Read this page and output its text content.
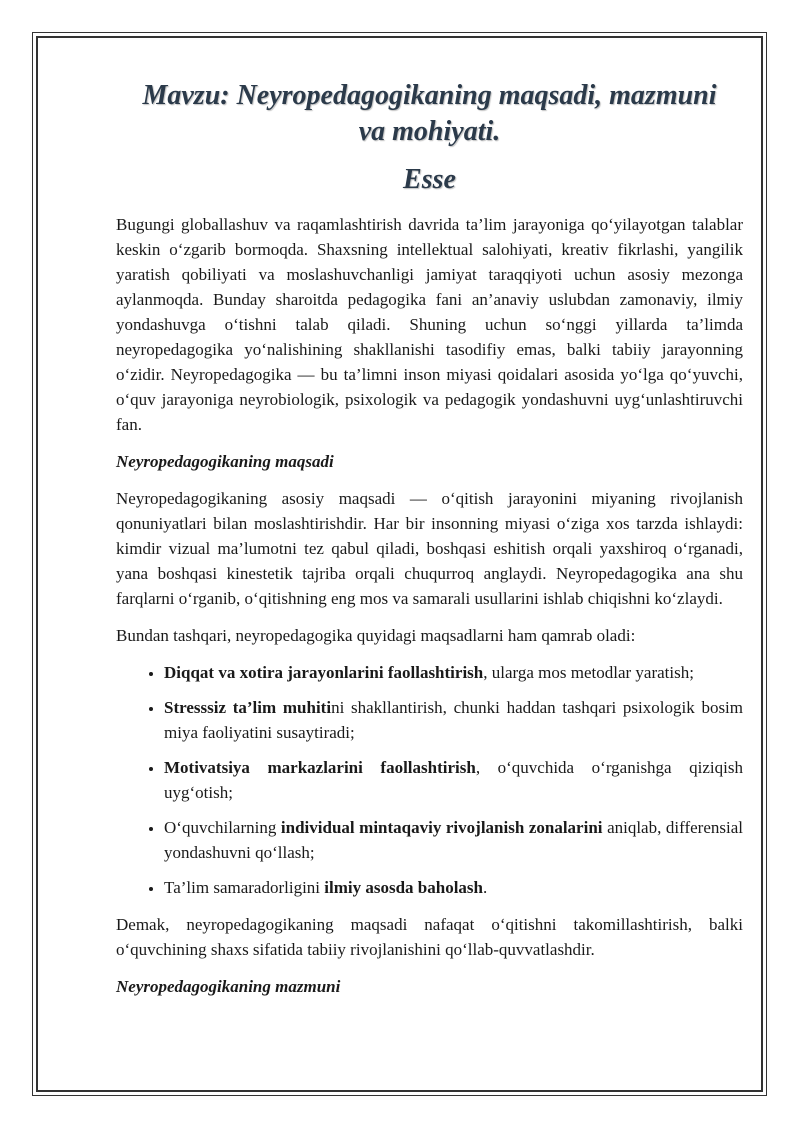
Mavzu: Neyropedagogikaning maqsadi, mazmuni
va mohiyati.
Esse

Bugungi globallashuv va raqamlashtirish davrida ta’lim jarayoniga qo‘yilayotgan talablar keskin o‘zgarib bormoqda. Shaxsning intellektual salohiyati, kreativ fikrlashi, yangilik yaratish qobiliyati va moslashuvchanligi jamiyat taraqqiyoti uchun asosiy mezonga aylanmoqda. Bunday sharoitda pedagogika fani an’anaviy uslubdan zamonaviy, ilmiy yondashuvga o‘tishni talab qiladi. Shuning uchun so‘nggi yillarda ta’limda neyropedagogika yo‘nalishining shakllanishi tasodifiy emas, balki tabiiy jarayonning o‘zidir. Neyropedagogika — bu ta’limni inson miyasi qoidalari asosida yo‘lga qo‘yuvchi, o‘quv jarayoniga neyrobiologik, psixologik va pedagogik yondashuvni uyg‘unlashtiruvchi fan.

Neyropedagogikaning maqsadi

Neyropedagogikaning asosiy maqsadi — o‘qitish jarayonini miyaning rivojlanish qonuniyatlari bilan moslashtirishdir. Har bir insonning miyasi o‘ziga xos tarzda ishlaydi: kimdir vizual ma’lumotni tez qabul qiladi, boshqasi eshitish orqali yaxshiroq o‘rganadi, yana boshqasi kinestetik tajriba orqali chuqurroq anglaydi. Neyropedagogika ana shu farqlarni o‘rganib, o‘qitishning eng mos va samarali usullarini ishlab chiqishni ko‘zlaydi.

Bundan tashqari, neyropedagogika quyidagi maqsadlarni ham qamrab oladi:

• Diqqat va xotira jarayonlarini faollashtirish, ularga mos metodlar yaratish;
• Stresssiz ta’lim muhitini shakllantirish, chunki haddan tashqari psixologik bosim miya faoliyatini susaytiradi;
• Motivatsiya markazlarini faollashtirish, o‘quvchida o‘rganishga qiziqish uyg‘otish;
• O‘quvchilarning individual mintaqaviy rivojlanish zonalarini aniqlab, differensial yondashuvni qo‘llash;
• Ta’lim samaradorligini ilmiy asosda baholash.

Demak, neyropedagogikaning maqsadi nafaqat o‘qitishni takomillashtirish, balki o‘quvchining shaxs sifatida tabiiy rivojlanishini qo‘llab-quvvatlashdir.

Neyropedagogikaning mazmuni
